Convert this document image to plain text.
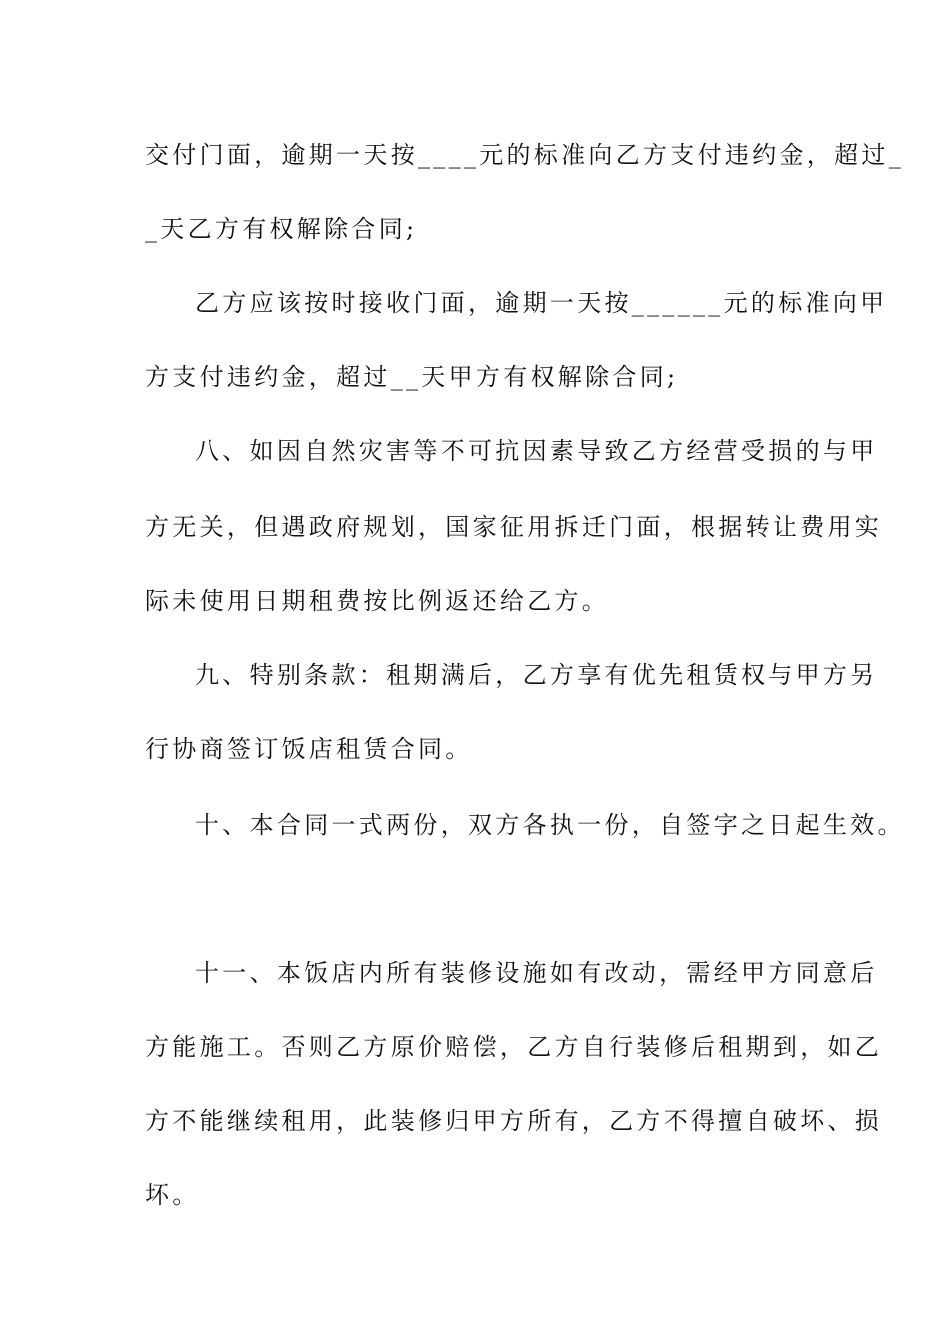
交付门面，逾期一天按____元的标准向乙方支付违约金，超过_
_天乙方有权解除合同;
乙方应该按时接收门面，逾期一天按______元的标准向甲
方支付违约金，超过__天甲方有权解除合同;
八、如因自然灾害等不可抗因素导致乙方经营受损的与甲
方无关，但遇政府规划，国家征用拆迁门面，根据转让费用实
际未使用日期租费按比例返还给乙方。
九、特别条款：租期满后，乙方享有优先租赁权与甲方另
行协商签订饭店租赁合同。
十、本合同一式两份，双方各执一份，自签字之日起生效。
十一、本饭店内所有装修设施如有改动，需经甲方同意后
方能施工。否则乙方原价赔偿，乙方自行装修后租期到，如乙
方不能继续租用，此装修归甲方所有，乙方不得擅自破坏、损
坏。
